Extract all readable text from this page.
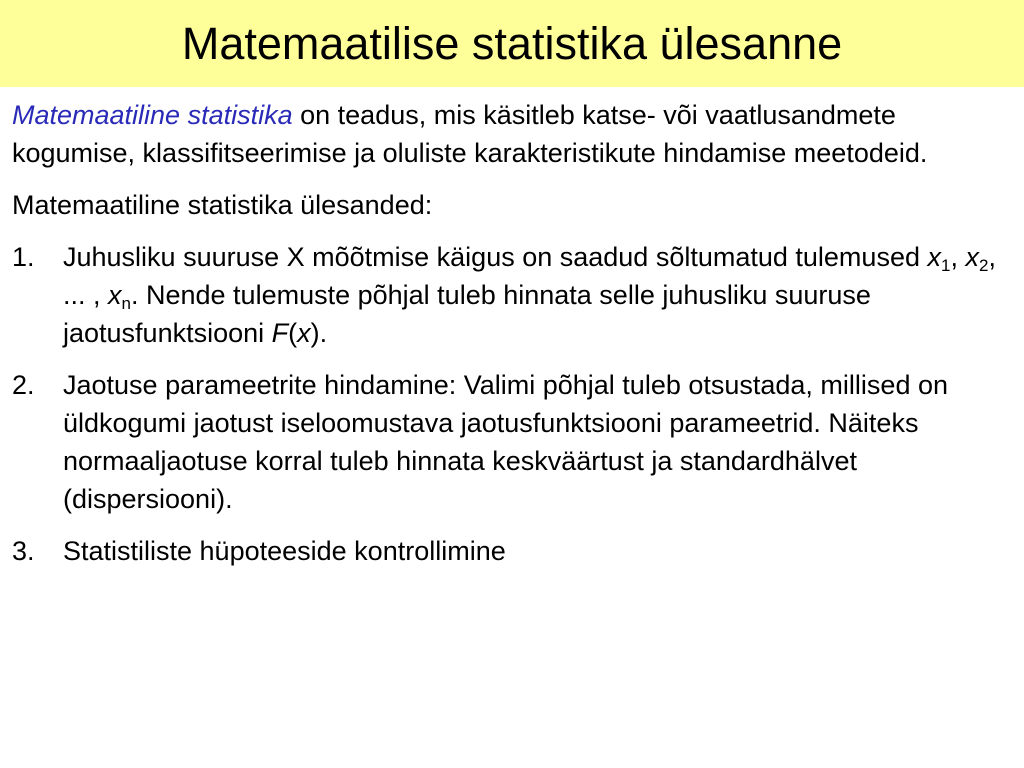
Matemaatilise statistika ülesanne

Matemaatiline statistika on teadus, mis käsitleb katse- või vaatlusandmete kogumise, klassifitseerimise ja oluliste karakteristikute hindamise meetodeid.

Matemaatiline statistika ülesanded:

1. Juhusliku suuruse X mõõtmise käigus on saadud sõltumatud tulemused $x_1$, $x_2$, ... , $x_n$. Nende tulemuste põhjal tuleb hinnata selle juhusliku suuruse jaotusfunktsiooni F(x).
2. Jaotuse parameetrite hindamine: Valimi põhjal tuleb otsustada, millised on üldkogumi jaotust iseloomustava jaotusfunktsiooni parameetrid. Näiteks normaaljaotuse korral tuleb hinnata keskväärtust ja standardhälvet (dispersiooni).
3. Statistiliste hüpoteeside kontrollimine
